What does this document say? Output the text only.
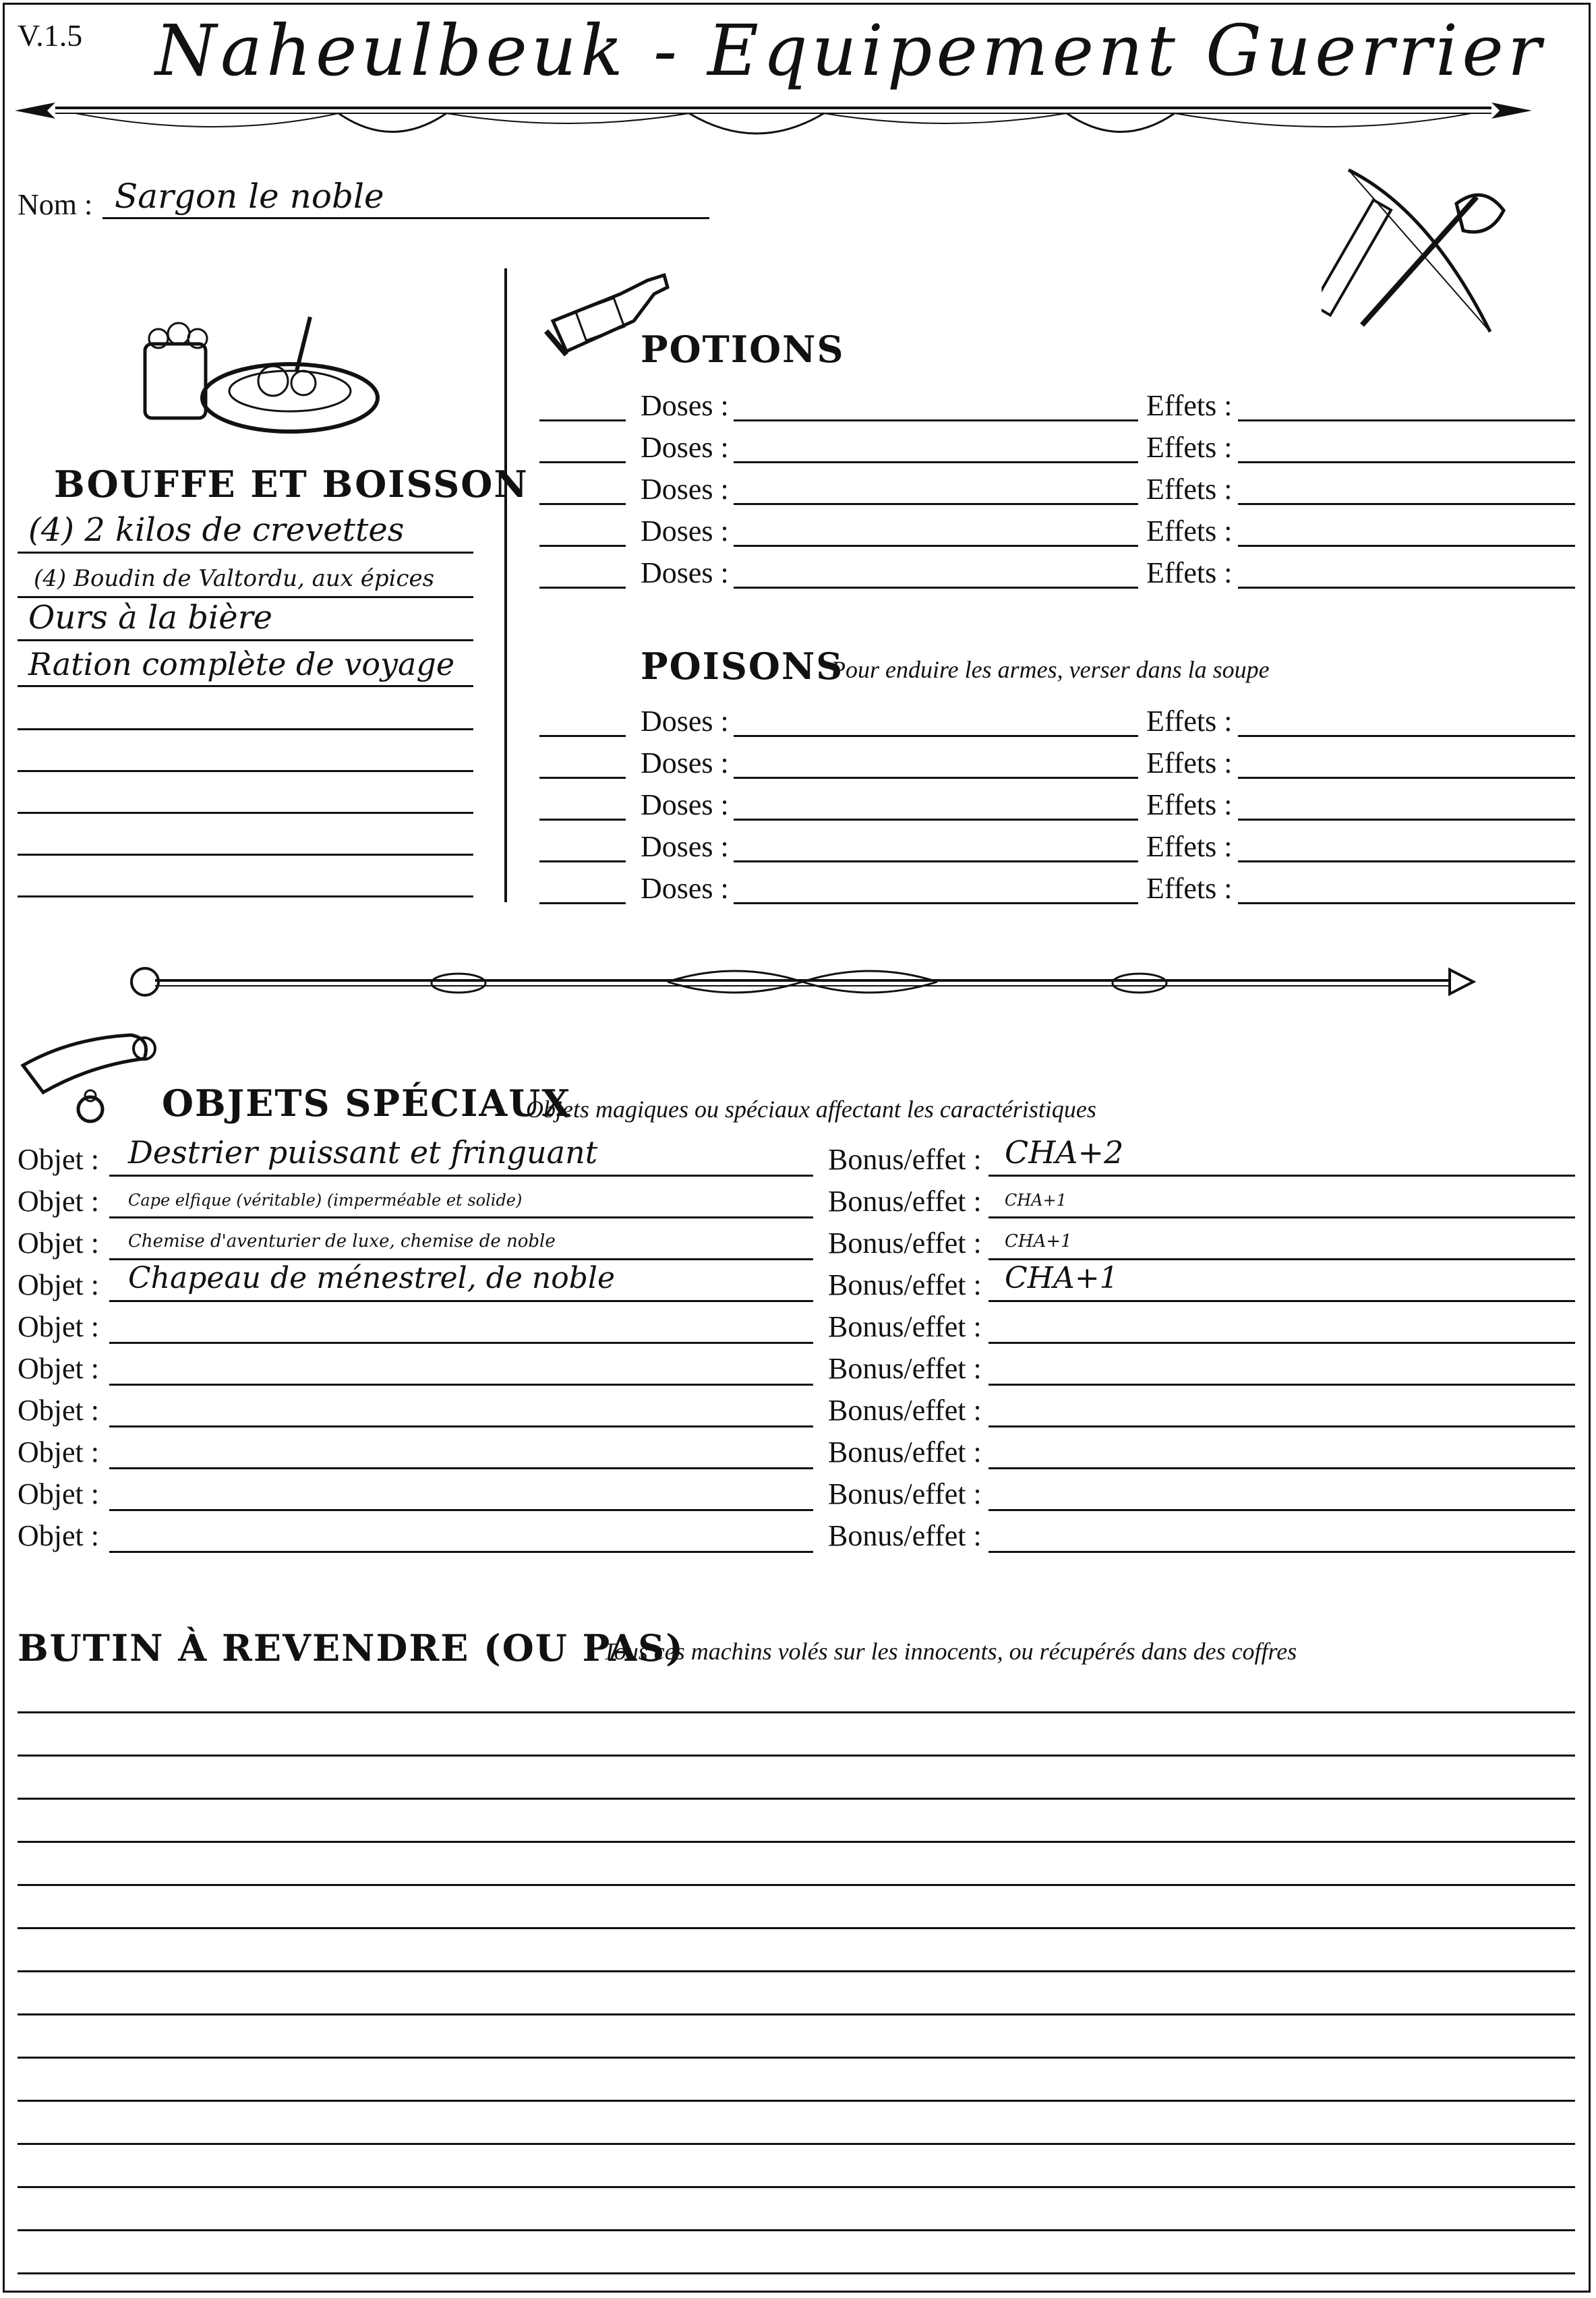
V.1.5 Naheulbeuk - Equipement Guerrier
Nom : Sargon le noble
BOUFFE ET BOISSON
(4) 2 kilos de crevettes
(4) Boudin de Valtordu, aux épices
Ours à la bière
Ration complète de voyage
POTIONS
Doses :	Effets :
Doses :	Effets :
Doses :	Effets :
Doses :	Effets :
Doses :	Effets :
POISONS
Pour enduire les armes, verser dans la soupe
Doses :	Effets :
Doses :	Effets :
Doses :	Effets :
Doses :	Effets :
Doses :	Effets :
OBJETS SPÉCIAUX
Objets magiques ou spéciaux affectant les caractéristiques
Objet : Destrier puissant et fringuant	Bonus/effet : CHA+2
Objet : Cape elfique (véritable) (imperméable et solide)	Bonus/effet : CHA+1
Objet : Chemise d'aventurier de luxe, chemise de noble	Bonus/effet : CHA+1
Objet : Chapeau de ménestrel, de noble	Bonus/effet : CHA+1
Objet :	Bonus/effet :
Objet :	Bonus/effet :
Objet :	Bonus/effet :
Objet :	Bonus/effet :
Objet :	Bonus/effet :
Objet :	Bonus/effet :
BUTIN À REVENDRE (OU PAS)
Tous ces machins volés sur les innocents, ou récupérés dans des coffres
